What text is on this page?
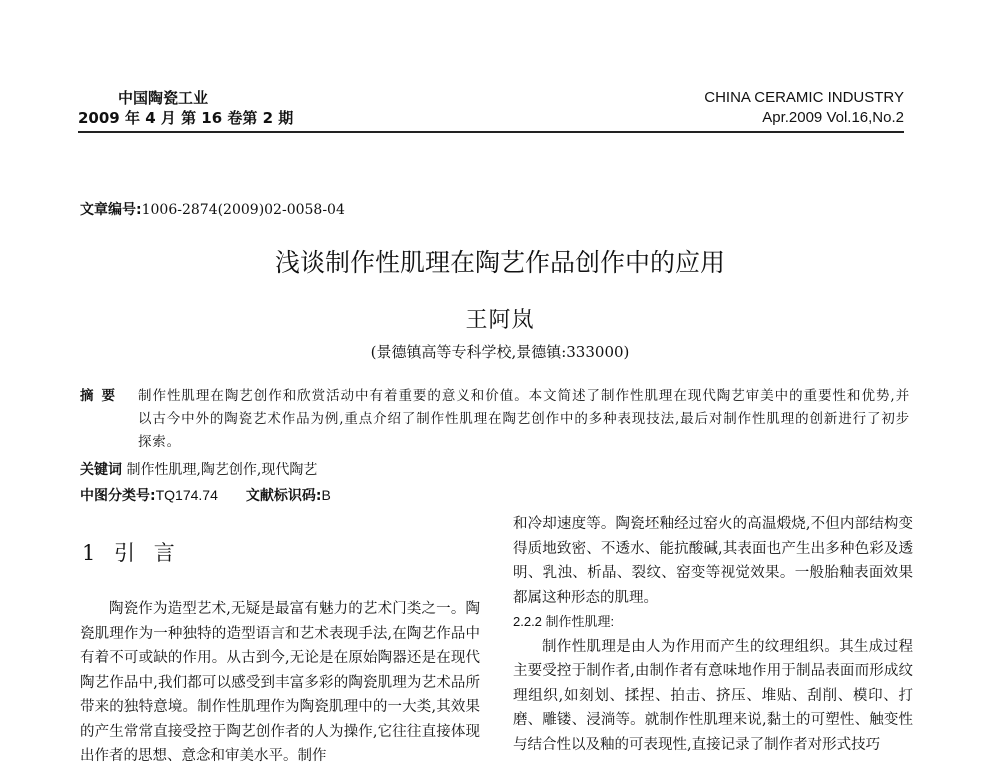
中国陶瓷工业
2009 年 4 月 第 16 卷第 2 期
CHINA CERAMIC INDUSTRY
Apr.2009 Vol.16,No.2
文章编号:1006-2874(2009)02-0058-04
浅谈制作性肌理在陶艺作品创作中的应用
王阿岚
(景德镇高等专科学校,景德镇:333000)
摘要 制作性肌理在陶艺创作和欣赏活动中有着重要的意义和价值。本文简述了制作性肌理在现代陶艺审美中的重要性和优势,并以古今中外的陶瓷艺术作品为例,重点介绍了制作性肌理在陶艺创作中的多种表现技法,最后对制作性肌理的创新进行了初步探索。
关键词 制作性肌理,陶艺创作,现代陶艺
中图分类号:TQ174.74 文献标识码:B
1 引 言

陶瓷作为造型艺术,无疑是最富有魅力的艺术门类之一。陶瓷肌理作为一种独特的造型语言和艺术表现手法,在陶艺作品中有着不可或缺的作用。从古到今,无论是在原始陶器还是在现代陶艺作品中,我们都可以感受到丰富多彩的陶瓷肌理为艺术品所带来的独特意境。制作性肌理作为陶瓷肌理中的一大类,其效果的产生常常直接受控于陶艺创作者的人为操作,它往往直接体现出作者的思想、意念和审美水平。制作

和冷却速度等。陶瓷坯釉经过窑火的高温煅烧,不但内部结构变得质地致密、不透水、能抗酸碱,其表面也产生出多种色彩及透明、乳浊、析晶、裂纹、窑变等视觉效果。一般胎釉表面效果都属这种形态的肌理。

2.2.2 制作性肌理:

制作性肌理是由人为作用而产生的纹理组织。其生成过程主要受控于制作者,由制作者有意味地作用于制品表面而形成纹理组织,如刻划、揉捏、拍击、挤压、堆贴、刮削、模印、打磨、雕镂、浸淌等。就制作性肌理来说,黏土的可塑性、触变性与结合性以及釉的可表现性,直接记录了制作者对形式技巧
